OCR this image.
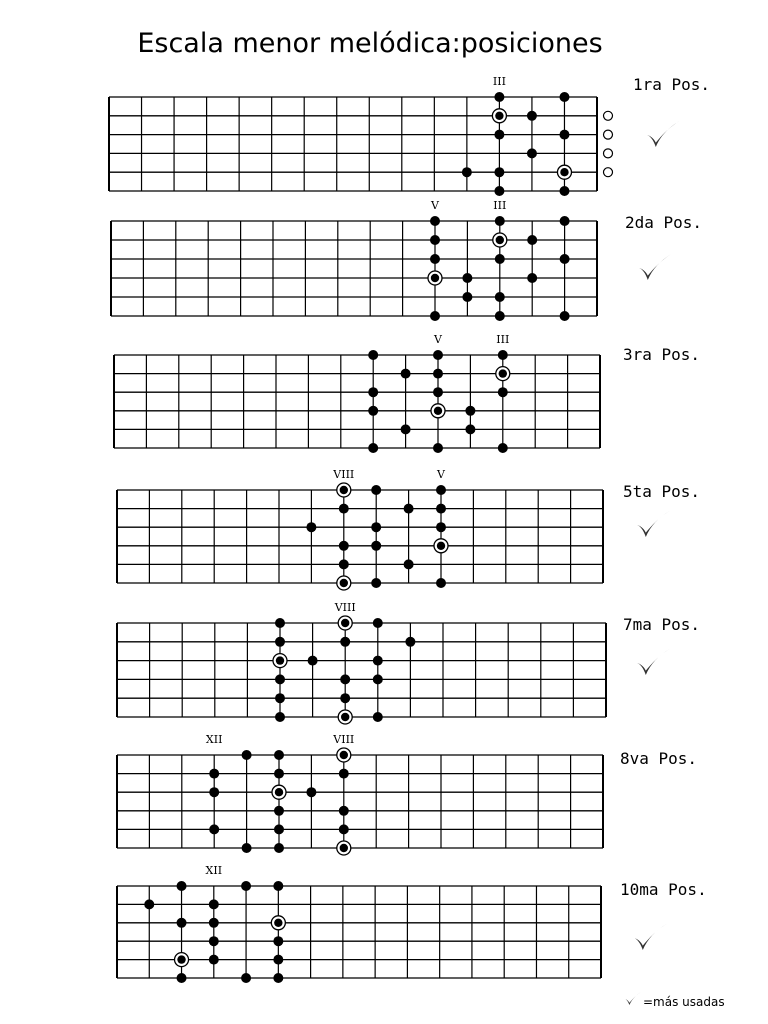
Escala menor melódica:posiciones
III	1ra Pos.
V	III
2da Pos.
V	III
3ra Pos.
VIII	V
5ta Pos.
VIII
7ma Pos.
XII	VIII
8va Pos.
XII
10ma Pos.
=más usadas
